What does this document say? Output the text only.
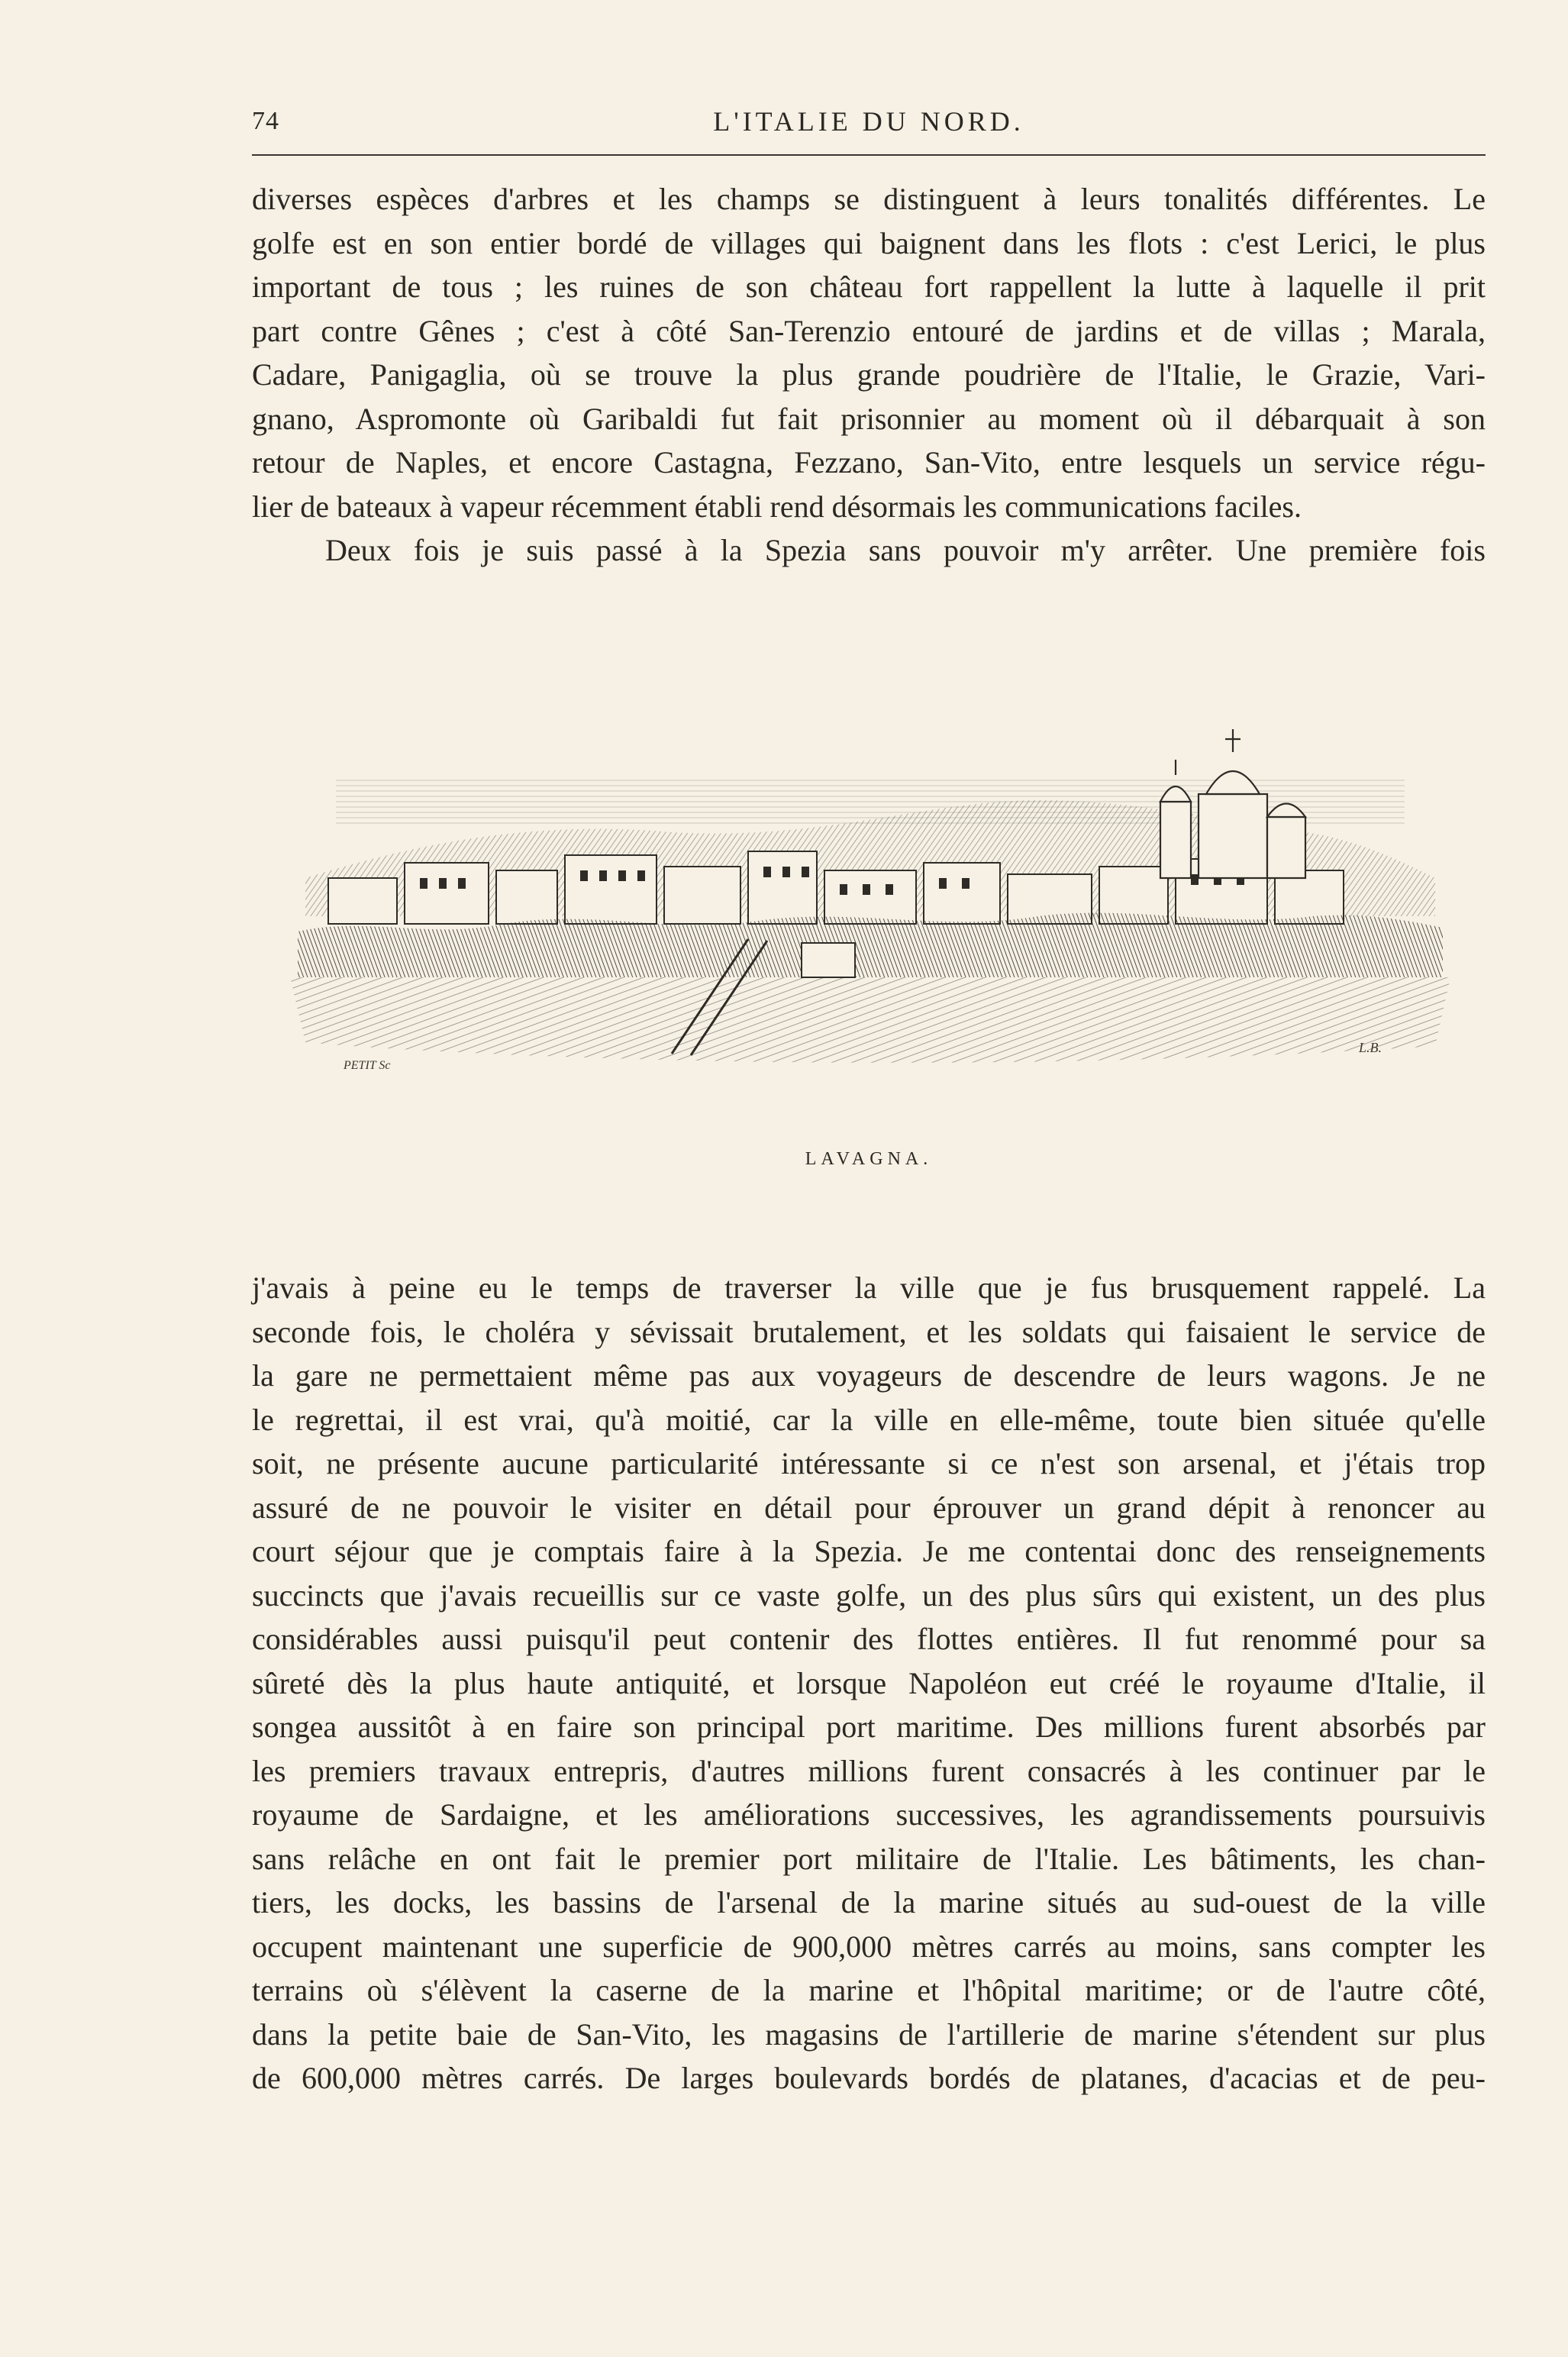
74	L'ITALIE DU NORD.
diverses espèces d'arbres et les champs se distinguent à leurs tonalités différentes. Le
golfe est en son entier bordé de villages qui baignent dans les flots : c'est Lerici, le plus
important de tous ; les ruines de son château fort rappellent la lutte à laquelle il prit
part contre Gênes ; c'est à côté San-Terenzio entouré de jardins et de villas ; Marala,
Cadare, Panigaglia, où se trouve la plus grande poudrière de l'Italie, le Grazie, Vari-
gnano, Aspromonte où Garibaldi fut fait prisonnier au moment où il débarquait à son
retour de Naples, et encore Castagna, Fezzano, San-Vito, entre lesquels un service régu-
lier de bateaux à vapeur récemment établi rend désormais les communications faciles.
Deux fois je suis passé à la Spezia sans pouvoir m'y arrêter. Une première fois
PETIT Sc
L.B.
LAVAGNA.
j'avais à peine eu le temps de traverser la ville que je fus brusquement rappelé. La
seconde fois, le choléra y sévissait brutalement, et les soldats qui faisaient le service de
la gare ne permettaient même pas aux voyageurs de descendre de leurs wagons. Je ne
le regrettai, il est vrai, qu'à moitié, car la ville en elle-même, toute bien située qu'elle
soit, ne présente aucune particularité intéressante si ce n'est son arsenal, et j'étais trop
assuré de ne pouvoir le visiter en détail pour éprouver un grand dépit à renoncer au
court séjour que je comptais faire à la Spezia. Je me contentai donc des renseignements
succincts que j'avais recueillis sur ce vaste golfe, un des plus sûrs qui existent, un des plus
considérables aussi puisqu'il peut contenir des flottes entières. Il fut renommé pour sa
sûreté dès la plus haute antiquité, et lorsque Napoléon eut créé le royaume d'Italie, il
songea aussitôt à en faire son principal port maritime. Des millions furent absorbés par
les premiers travaux entrepris, d'autres millions furent consacrés à les continuer par le
royaume de Sardaigne, et les améliorations successives, les agrandissements poursuivis
sans relâche en ont fait le premier port militaire de l'Italie. Les bâtiments, les chan-
tiers, les docks, les bassins de l'arsenal de la marine situés au sud-ouest de la ville
occupent maintenant une superficie de 900,000 mètres carrés au moins, sans compter les
terrains où s'élèvent la caserne de la marine et l'hôpital maritime; or de l'autre côté,
dans la petite baie de San-Vito, les magasins de l'artillerie de marine s'étendent sur plus
de 600,000 mètres carrés. De larges boulevards bordés de platanes, d'acacias et de peu-
